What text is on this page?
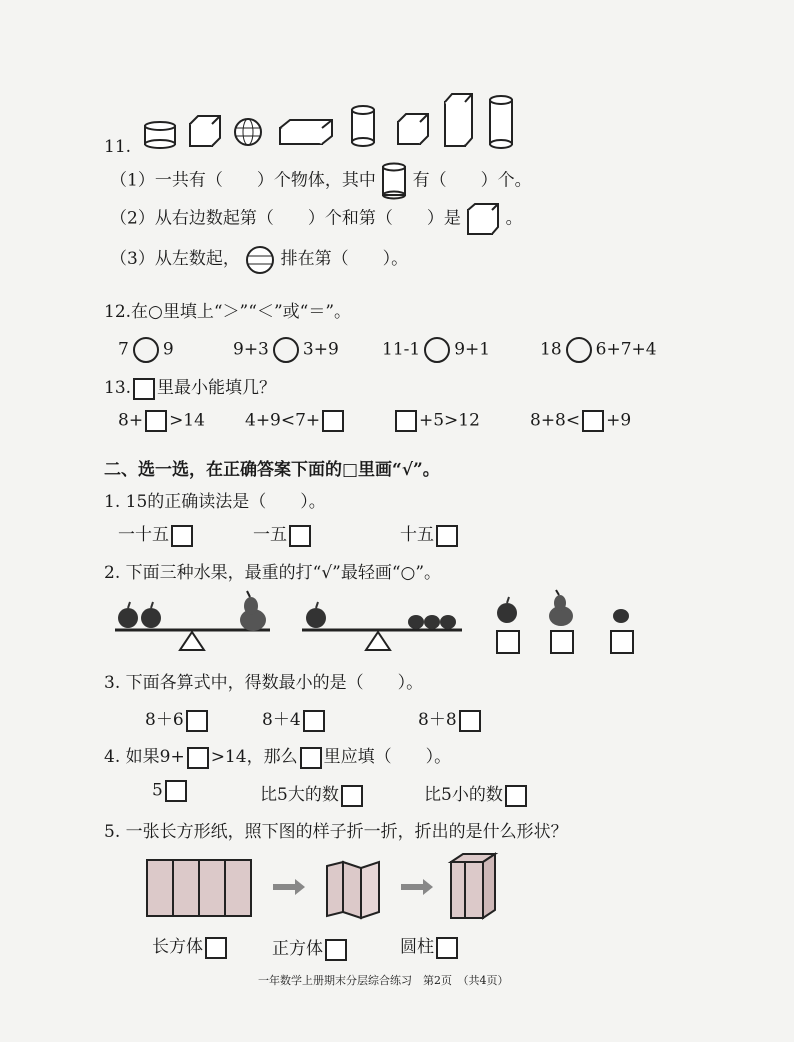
11.
（1）一共有（　　）个物体，其中 有（　　）个。
（2）从右边数起第（　　）个和第（　　）是	。
（3）从左数起， 排在第（　　）。
12.在○里填上“＞”“＜”或“＝”。
7 9	9+3 3+9	11-1 9+1	18 6+7+4
13. 里最小能填几？
8+ >14 4+9<7+	+5>12	8+8< +9
二、选一选，在正确答案下面的□里画“√”。
1. 15的正确读法是（　　）。
一十五	一五	十五
2. 下面三种水果，最重的打“√”最轻画“○”。
3. 下面各算式中，得数最小的是（　　）。
8＋6	8＋4	8＋8
4. 如果9+ >14，那么 里应填（　　）。
5	比5大的数	比5小的数
5. 一张长方形纸，照下图的样子折一折，折出的是什么形状？
长方体	正方体	圆柱
一年数学上册期末分层综合练习　第2页　（共4页）
